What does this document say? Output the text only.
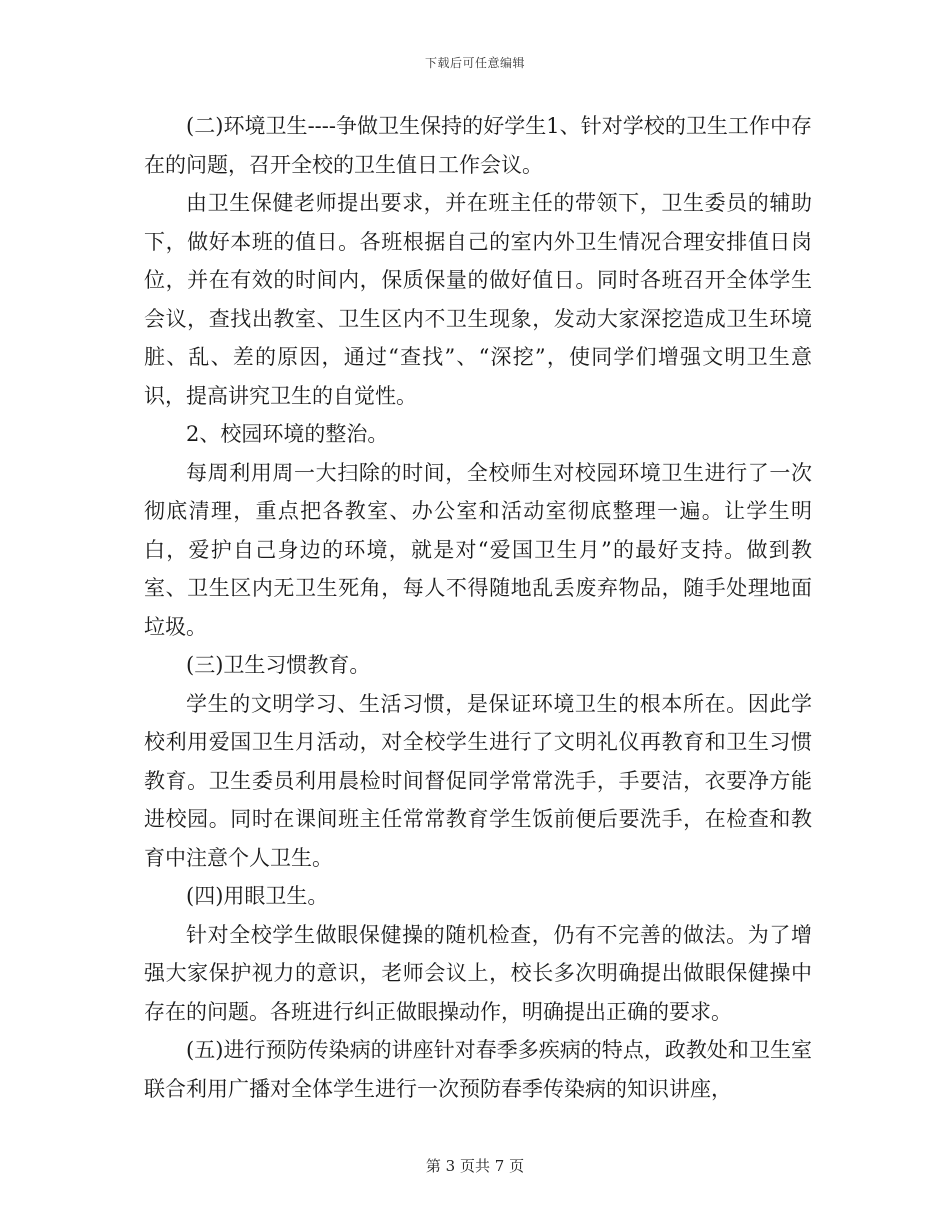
下载后可任意编辑

(二)环境卫生----争做卫生保持的好学生1、针对学校的卫生工作中存在的问题，召开全校的卫生值日工作会议。

由卫生保健老师提出要求，并在班主任的带领下，卫生委员的辅助下，做好本班的值日。各班根据自己的室内外卫生情况合理安排值日岗位，并在有效的时间内，保质保量的做好值日。同时各班召开全体学生会议，查找出教室、卫生区内不卫生现象，发动大家深挖造成卫生环境脏、乱、差的原因，通过“查找”、“深挖”，使同学们增强文明卫生意识，提高讲究卫生的自觉性。

2、校园环境的整治。

每周利用周一大扫除的时间，全校师生对校园环境卫生进行了一次彻底清理，重点把各教室、办公室和活动室彻底整理一遍。让学生明白，爱护自己身边的环境，就是对“爱国卫生月”的最好支持。做到教室、卫生区内无卫生死角，每人不得随地乱丢废弃物品，随手处理地面垃圾。

(三)卫生习惯教育。

学生的文明学习、生活习惯，是保证环境卫生的根本所在。因此学校利用爱国卫生月活动，对全校学生进行了文明礼仪再教育和卫生习惯教育。卫生委员利用晨检时间督促同学常常洗手，手要洁，衣要净方能进校园。同时在课间班主任常常教育学生饭前便后要洗手，在检查和教育中注意个人卫生。

(四)用眼卫生。

针对全校学生做眼保健操的随机检查，仍有不完善的做法。为了增强大家保护视力的意识，老师会议上，校长多次明确提出做眼保健操中存在的问题。各班进行纠正做眼操动作，明确提出正确的要求。

(五)进行预防传染病的讲座针对春季多疾病的特点，政教处和卫生室联合利用广播对全体学生进行一次预防春季传染病的知识讲座，

第 3 页共 7 页
